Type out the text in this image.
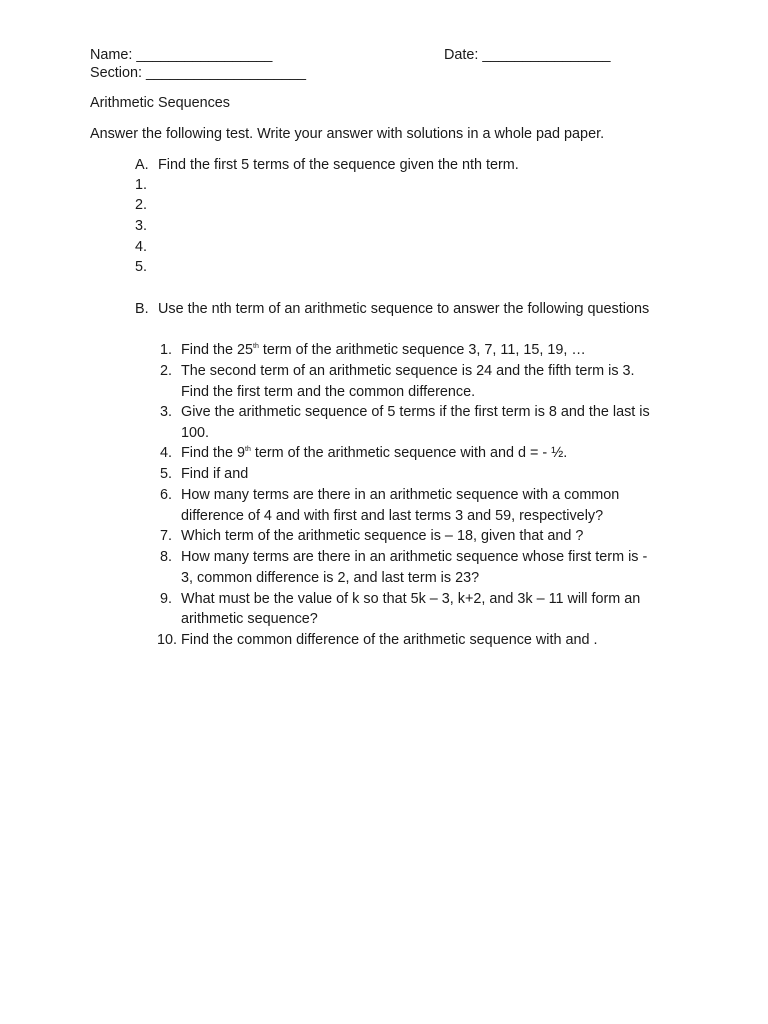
Name: _________________	Date: ________________
Section: ____________________
Arithmetic Sequences
Answer the following test. Write your answer with solutions in a whole pad paper.
A. Find the first 5 terms of the sequence given the nth term.
1.
2.
3.
4.
5.
B. Use the nth term of an arithmetic sequence to answer the following questions
1. Find the 25th term of the arithmetic sequence 3, 7, 11, 15, 19, …
2. The second term of an arithmetic sequence is 24 and the fifth term is 3.
Find the first term and the common difference.
3. Give the arithmetic sequence of 5 terms if the first term is 8 and the last is
100.
4. Find the 9th term of the arithmetic sequence with and d = - ½.
5. Find if and
6. How many terms are there in an arithmetic sequence with a common
difference of 4 and with first and last terms 3 and 59, respectively?
7. Which term of the arithmetic sequence is – 18, given that and ?
8. How many terms are there in an arithmetic sequence whose first term is -
3, common difference is 2, and last term is 23?
9. What must be the value of k so that 5k – 3, k+2, and 3k – 11 will form an
arithmetic sequence?
10. Find the common difference of the arithmetic sequence with and .
